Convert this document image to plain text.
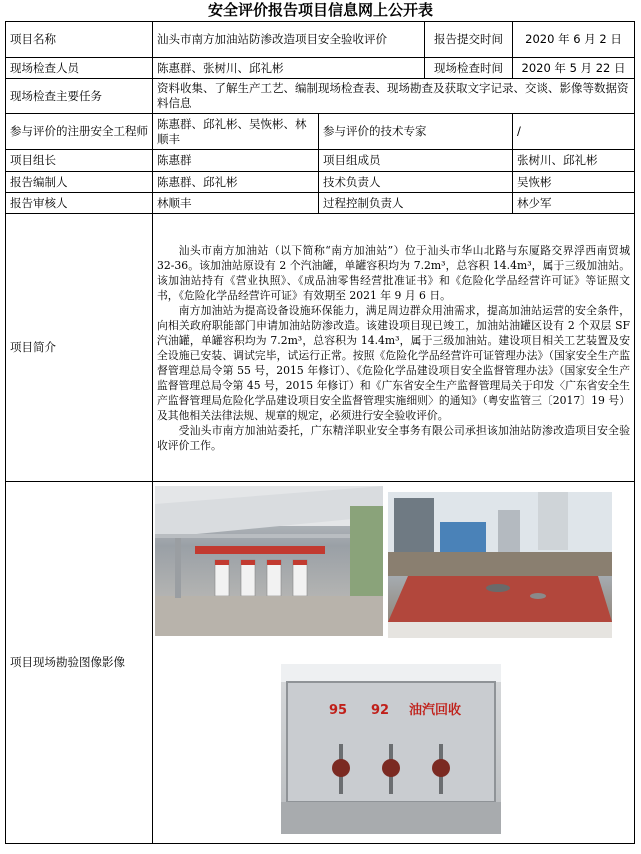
安全评价报告项目信息网上公开表
项目名称	汕头市南方加油站防渗改造项目安全验收评价		报告提交时间	2020 年 6 月 2 日
现场检查人员	陈惠群、张树川、邱礼彬		现场检查时间	2020 年 5 月 22 日
现场检查主要任务	资料收集、了解生产工艺、编制现场检查表、现场勘查及获取文字记录、交谈、影像等数据资料信息			
参与评价的注册安全工程师	陈惠群、邱礼彬、吴恢彬、林顺丰	参与评价的技术专家		/
项目组长	陈惠群	项目组成员		张树川、邱礼彬
报告编制人	陈惠群、邱礼彬	技术负责人		吴恢彬
报告审核人	林顺丰	过程控制负责人		林少军
项目简介	汕头市南方加油站（以下简称“南方加油站”）位于汕头市华山北路与东厦路交界浮西南贸城 32-36。该加油站原设有 2 个汽油罐，单罐容积均为 7.2m³，总容积 14.4m³，属于三级加油站。该加油站持有《营业执照》、《成品油零售经营批准证书》和《危险化学品经营许可证》等证照文书，《危险化学品经营许可证》有效期至 2021 年 9 月 6 日。

南方加油站为提高设备设施环保能力，满足周边群众用油需求，提高加油站运营的安全条件，向相关政府职能部门申请加油站防渗改造。该建设项目现已竣工，加油站油罐区设有 2 个双层 SF 汽油罐，单罐容积均为 7.2m³，总容积为 14.4m³，属于三级加油站。建设项目相关工艺装置及安全设施已安装、调试完毕，试运行正常。按照《危险化学品经营许可证管理办法》（国家安全生产监督管理总局令第 55 号，2015 年修订）、《危险化学品建设项目安全监督管理办法》（国家安全生产监督管理总局令第 45 号，2015 年修订）和《广东省安全生产监督管理局关于印发〈广东省安全生产监督管理局危险化学品建设项目安全监督管理实施细则〉的通知》（粤安监管三〔2017〕19 号）及其他相关法律法规、规章的规定，必须进行安全验收评价。

受汕头市南方加油站委托，广东精洋职业安全事务有限公司承担该加油站防渗改造项目安全验收评价工作。			

项目现场勘验图像影像	95 92 油汽回收			
